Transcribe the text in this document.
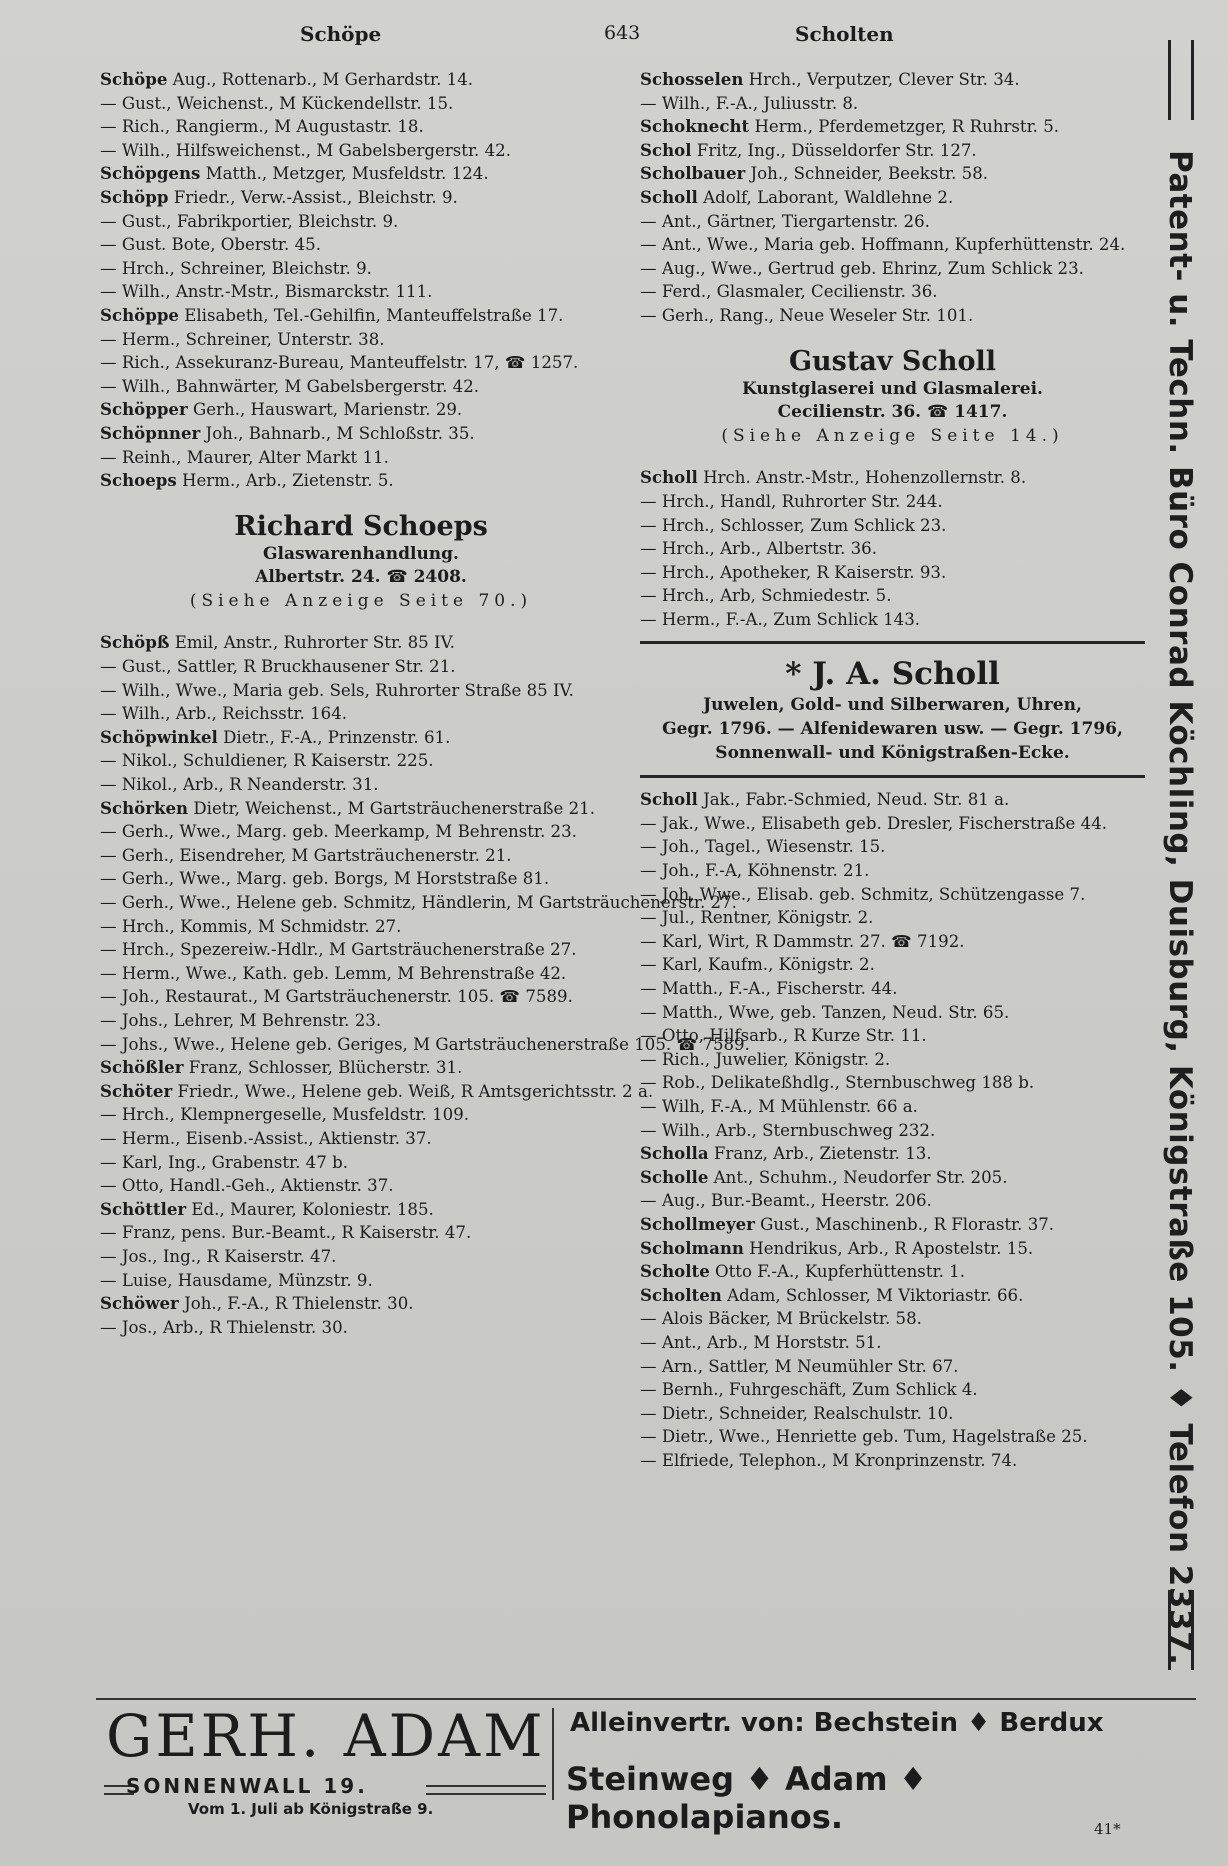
Schöpe	643	Scholten
Schöpe Aug., Rottenarb., M Gerhardstr. 14.
— Gust., Weichenst., M Kückendellstr. 15.
— Rich., Rangierm., M Augustastr. 18.
— Wilh., Hilfsweichenst., M Gabelsbergerstr. 42.
Schöpgens Matth., Metzger, Musfeldstr. 124.
Schöpp Friedr., Verw.-Assist., Bleichstr. 9.
— Gust., Fabrikportier, Bleichstr. 9.
— Gust. Bote, Oberstr. 45.
— Hrch., Schreiner, Bleichstr. 9.
— Wilh., Anstr.-Mstr., Bismarckstr. 111.
Schöppe Elisabeth, Tel.-Gehilfin, Manteuffelstraße 17.
— Herm., Schreiner, Unterstr. 38.
— Rich., Assekuranz-Bureau, Manteuffelstr. 17, ☎ 1257.
— Wilh., Bahnwärter, M Gabelsbergerstr. 42.
Schöpper Gerh., Hauswart, Marienstr. 29.
Schöpnner Joh., Bahnarb., M Schloßstr. 35.
— Reinh., Maurer, Alter Markt 11.
Schoeps Herm., Arb., Zietenstr. 5.
Richard Schoeps
Glaswarenhandlung.
Albertstr. 24. ☎ 2408.
(Siehe Anzeige Seite 70.)
Schöpß Emil, Anstr., Ruhrorter Str. 85 IV.
— Gust., Sattler, R Bruckhausener Str. 21.
— Wilh., Wwe., Maria geb. Sels, Ruhrorter Straße 85 IV.
— Wilh., Arb., Reichsstr. 164.
Schöpwinkel Dietr., F.-A., Prinzenstr. 61.
— Nikol., Schuldiener, R Kaiserstr. 225.
— Nikol., Arb., R Neanderstr. 31.
Schörken Dietr, Weichenst., M Gartsträuchenerstraße 21.
— Gerh., Wwe., Marg. geb. Meerkamp, M Behrenstr. 23.
— Gerh., Eisendreher, M Gartsträuchenerstr. 21.
— Gerh., Wwe., Marg. geb. Borgs, M Horststraße 81.
— Gerh., Wwe., Helene geb. Schmitz, Händlerin, M Gartsträuchenerstr. 27.
— Hrch., Kommis, M Schmidstr. 27.
— Hrch., Spezereiw.-Hdlr., M Gartsträuchenerstraße 27.
— Herm., Wwe., Kath. geb. Lemm, M Behrenstraße 42.
— Joh., Restaurat., M Gartsträuchenerstr. 105. ☎ 7589.
— Johs., Lehrer, M Behrenstr. 23.
— Johs., Wwe., Helene geb. Geriges, M Gartsträuchenerstraße 105. ☎ 7589.
Schößler Franz, Schlosser, Blücherstr. 31.
Schöter Friedr., Wwe., Helene geb. Weiß, R Amtsgerichtsstr. 2 a.
— Hrch., Klempnergeselle, Musfeldstr. 109.
— Herm., Eisenb.-Assist., Aktienstr. 37.
— Karl, Ing., Grabenstr. 47 b.
— Otto, Handl.-Geh., Aktienstr. 37.
Schöttler Ed., Maurer, Koloniestr. 185.
— Franz, pens. Bur.-Beamt., R Kaiserstr. 47.
— Jos., Ing., R Kaiserstr. 47.
— Luise, Hausdame, Münzstr. 9.
Schöwer Joh., F.-A., R Thielenstr. 30.
— Jos., Arb., R Thielenstr. 30.
Schosselen Hrch., Verputzer, Clever Str. 34.
— Wilh., F.-A., Juliusstr. 8.
Schoknecht Herm., Pferdemetzger, R Ruhrstr. 5.
Schol Fritz, Ing., Düsseldorfer Str. 127.
Scholbauer Joh., Schneider, Beekstr. 58.
Scholl Adolf, Laborant, Waldlehne 2.
— Ant., Gärtner, Tiergartenstr. 26.
— Ant., Wwe., Maria geb. Hoffmann, Kupferhüttenstr. 24.
— Aug., Wwe., Gertrud geb. Ehrinz, Zum Schlick 23.
— Ferd., Glasmaler, Cecilienstr. 36.
— Gerh., Rang., Neue Weseler Str. 101.
Gustav Scholl
Kunstglaserei und Glasmalerei.
Cecilienstr. 36. ☎ 1417.
(Siehe Anzeige Seite 14.)
Scholl Hrch. Anstr.-Mstr., Hohenzollernstr. 8.
— Hrch., Handl, Ruhrorter Str. 244.
— Hrch., Schlosser, Zum Schlick 23.
— Hrch., Arb., Albertstr. 36.
— Hrch., Apotheker, R Kaiserstr. 93.
— Hrch., Arb, Schmiedestr. 5.
— Herm., F.-A., Zum Schlick 143.
* J. A. Scholl
Juwelen, Gold- und Silberwaren, Uhren,
Gegr. 1796. — Alfenidewaren usw. — Gegr. 1796,
Sonnenwall- und Königstraßen-Ecke.
Scholl Jak., Fabr.-Schmied, Neud. Str. 81 a.
— Jak., Wwe., Elisabeth geb. Dresler, Fischerstraße 44.
— Joh., Tagel., Wiesenstr. 15.
— Joh., F.-A, Köhnenstr. 21.
— Joh, Wwe., Elisab. geb. Schmitz, Schützengasse 7.
— Jul., Rentner, Königstr. 2.
— Karl, Wirt, R Dammstr. 27. ☎ 7192.
— Karl, Kaufm., Königstr. 2.
— Matth., F.-A., Fischerstr. 44.
— Matth., Wwe, geb. Tanzen, Neud. Str. 65.
— Otto, Hilfsarb., R Kurze Str. 11.
— Rich., Juwelier, Königstr. 2.
— Rob., Delikateßhdlg., Sternbuschweg 188 b.
— Wilh, F.-A., M Mühlenstr. 66 a.
— Wilh., Arb., Sternbuschweg 232.
Scholla Franz, Arb., Zietenstr. 13.
Scholle Ant., Schuhm., Neudorfer Str. 205.
— Aug., Bur.-Beamt., Heerstr. 206.
Schollmeyer Gust., Maschinenb., R Florastr. 37.
Scholmann Hendrikus, Arb., R Apostelstr. 15.
Scholte Otto F.-A., Kupferhüttenstr. 1.
Scholten Adam, Schlosser, M Viktoriastr. 66.
— Alois Bäcker, M Brückelstr. 58.
— Ant., Arb., M Horststr. 51.
— Arn., Sattler, M Neumühler Str. 67.
— Bernh., Fuhrgeschäft, Zum Schlick 4.
— Dietr., Schneider, Realschulstr. 10.
— Dietr., Wwe., Henriette geb. Tum, Hagelstraße 25.
— Elfriede, Telephon., M Kronprinzenstr. 74.	Patent- u. Techn. Büro Conrad Köchling, Duisburg, Königstraße 105. ♦ Telefon 2337.
GERH. ADAM
SONNENWALL 19.
Vom 1. Juli ab Königstraße 9.
Alleinvertr. von: Bechstein ♦ Berdux
Steinweg ♦ Adam ♦ Phonolapianos.	41*
